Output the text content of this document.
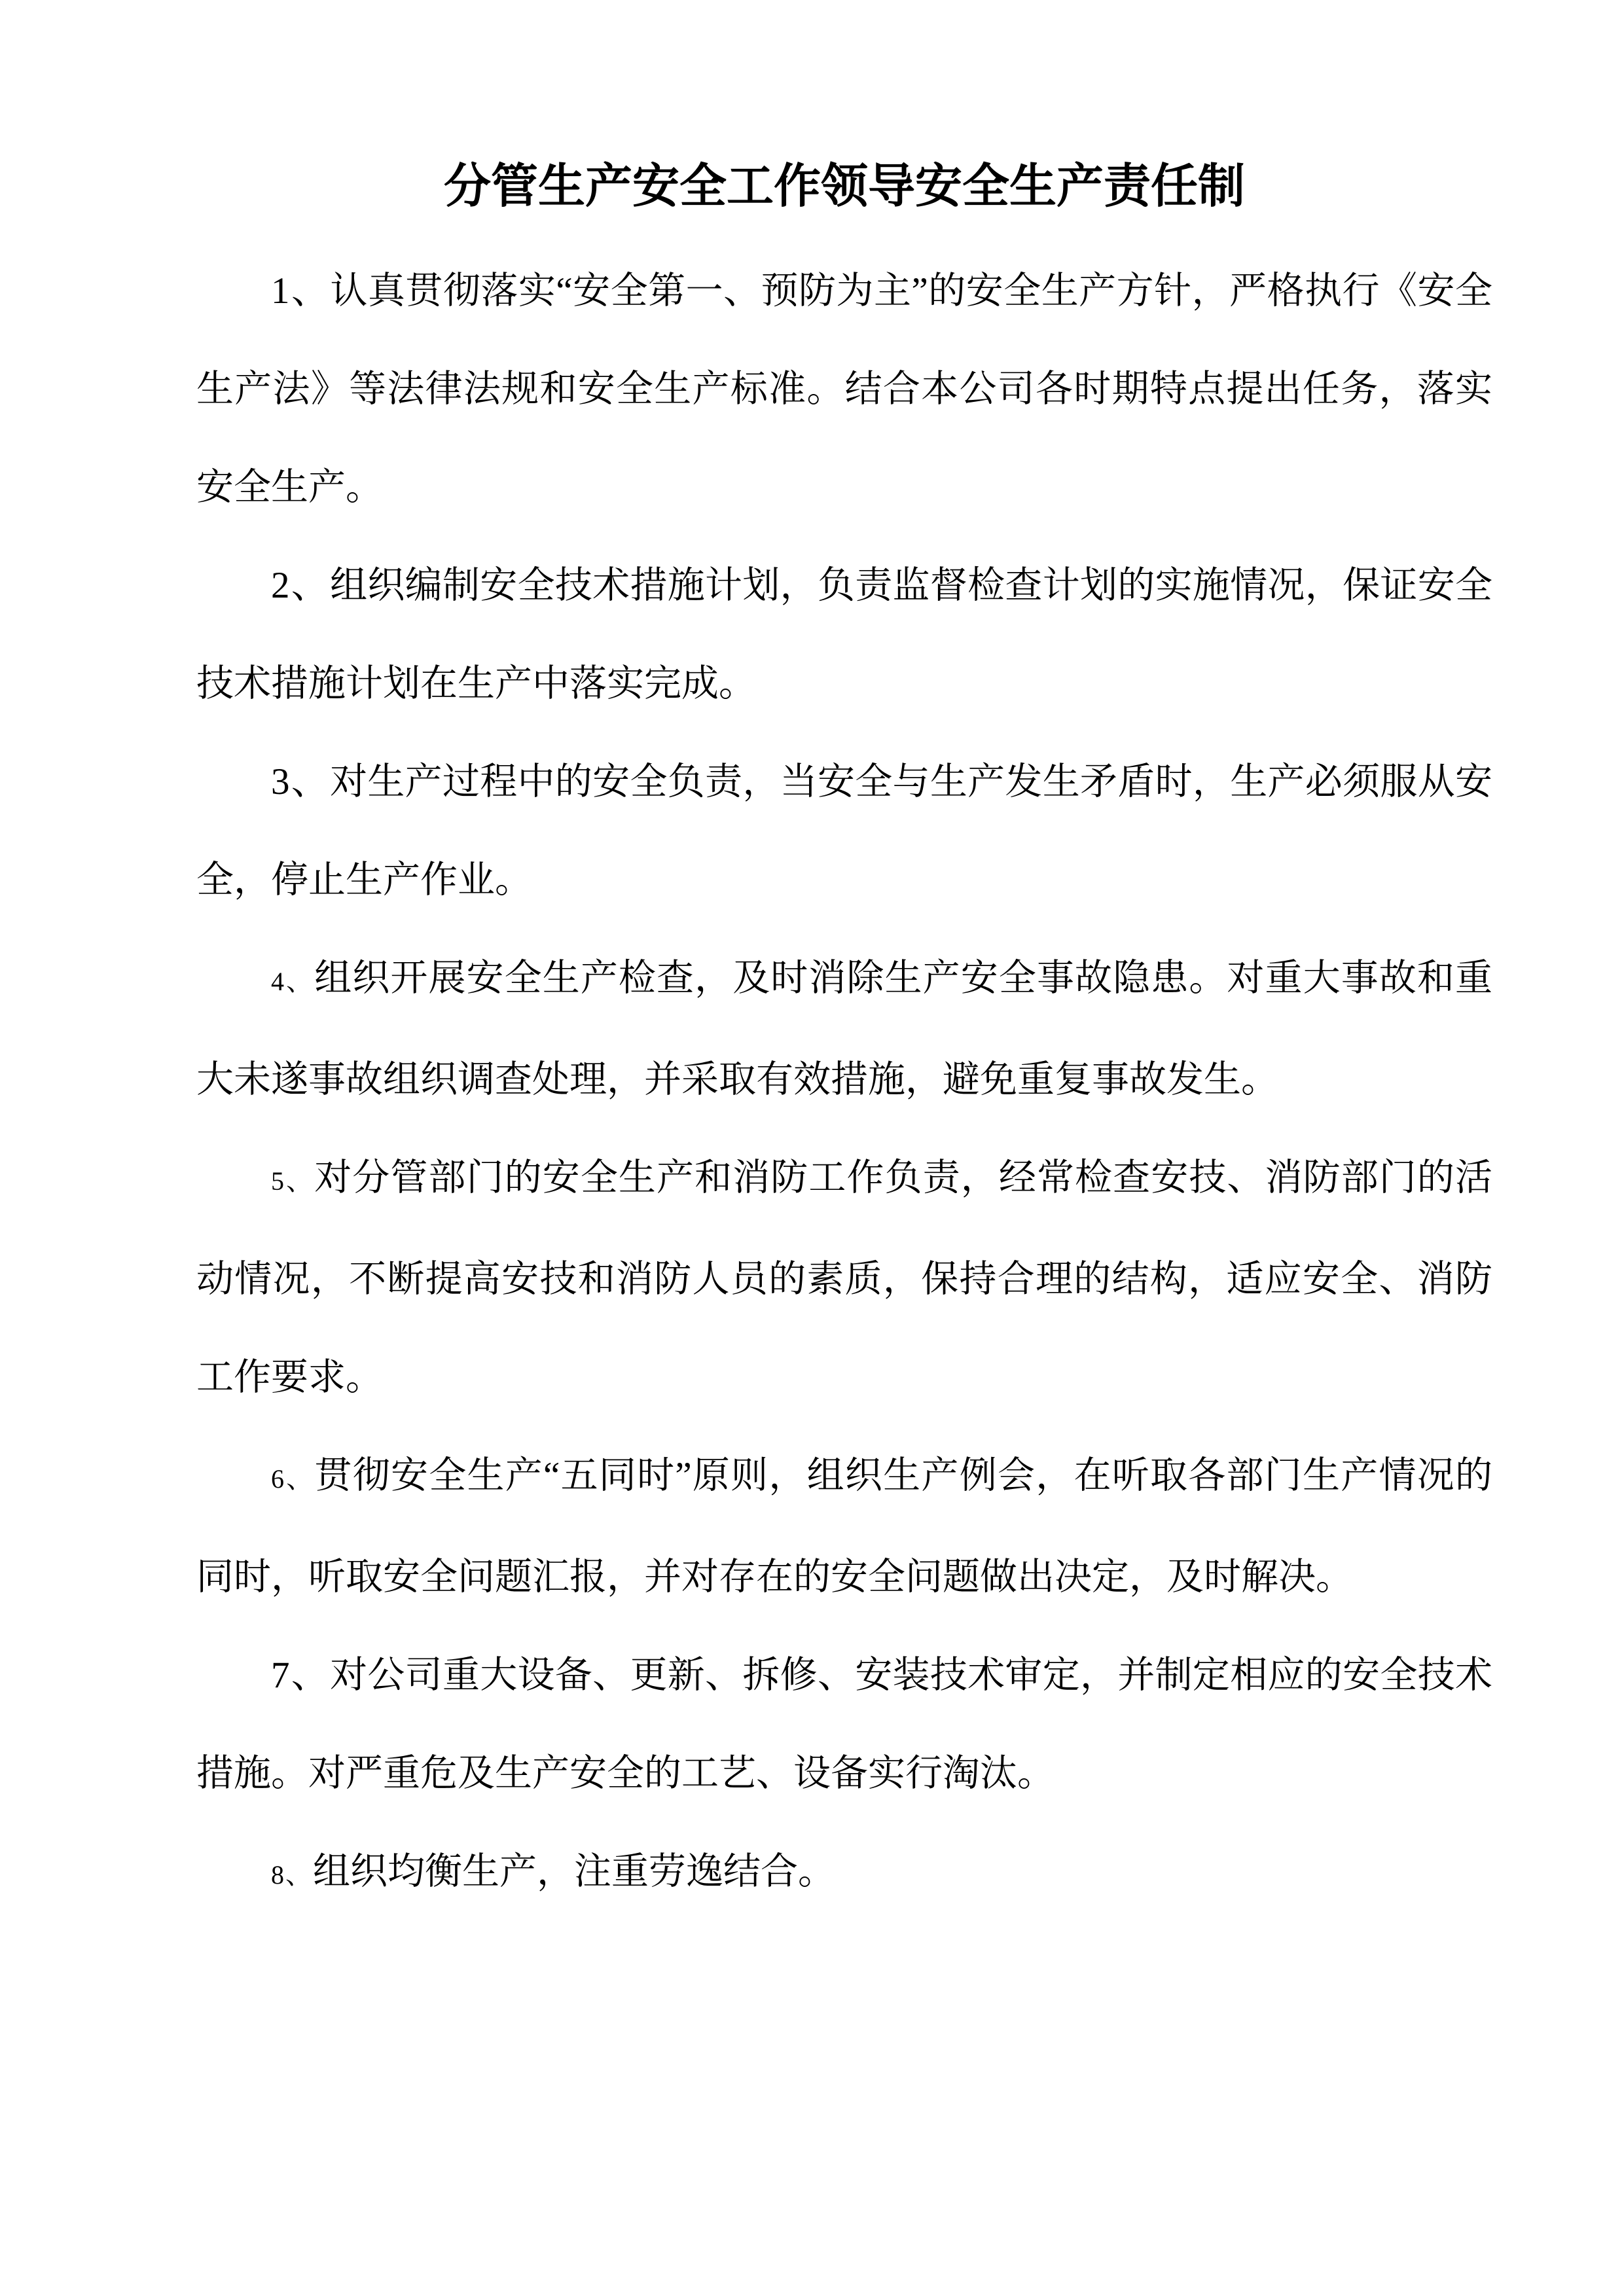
分管生产安全工作领导安全生产责任制

1、认真贯彻落实“安全第一、预防为主”的安全生产方针，严格执行《安全生产法》等法律法规和安全生产标准。结合本公司各时期特点提出任务，落实　安全生产。

2、组织编制安全技术措施计划，负责监督检查计划的实施情况，保证安全技术措施计划在生产中落实完成。

3、对生产过程中的安全负责，当安全与生产发生矛盾时，生产必须服从安全，停止生产作业。

4、组织开展安全生产检查，及时消除生产安全事故隐患。对重大事故和重大未遂事故组织调查处理，并采取有效措施，避免重复事故发生。

5、对分管部门的安全生产和消防工作负责，经常检查安技、消防部门的活动情况，不断提高安技和消防人员的素质，保持合理的结构，适应安全、消防　工作要求。

6、贯彻安全生产“五同时”原则，组织生产例会，在听取各部门生产情况的同时，听取安全问题汇报，并对存在的安全问题做出决定，及时解决。

7、对公司重大设备、更新、拆修、安装技术审定，并制定相应的安全技术措施。对严重危及生产安全的工艺、设备实行淘汰。

8、组织均衡生产，注重劳逸结合。
